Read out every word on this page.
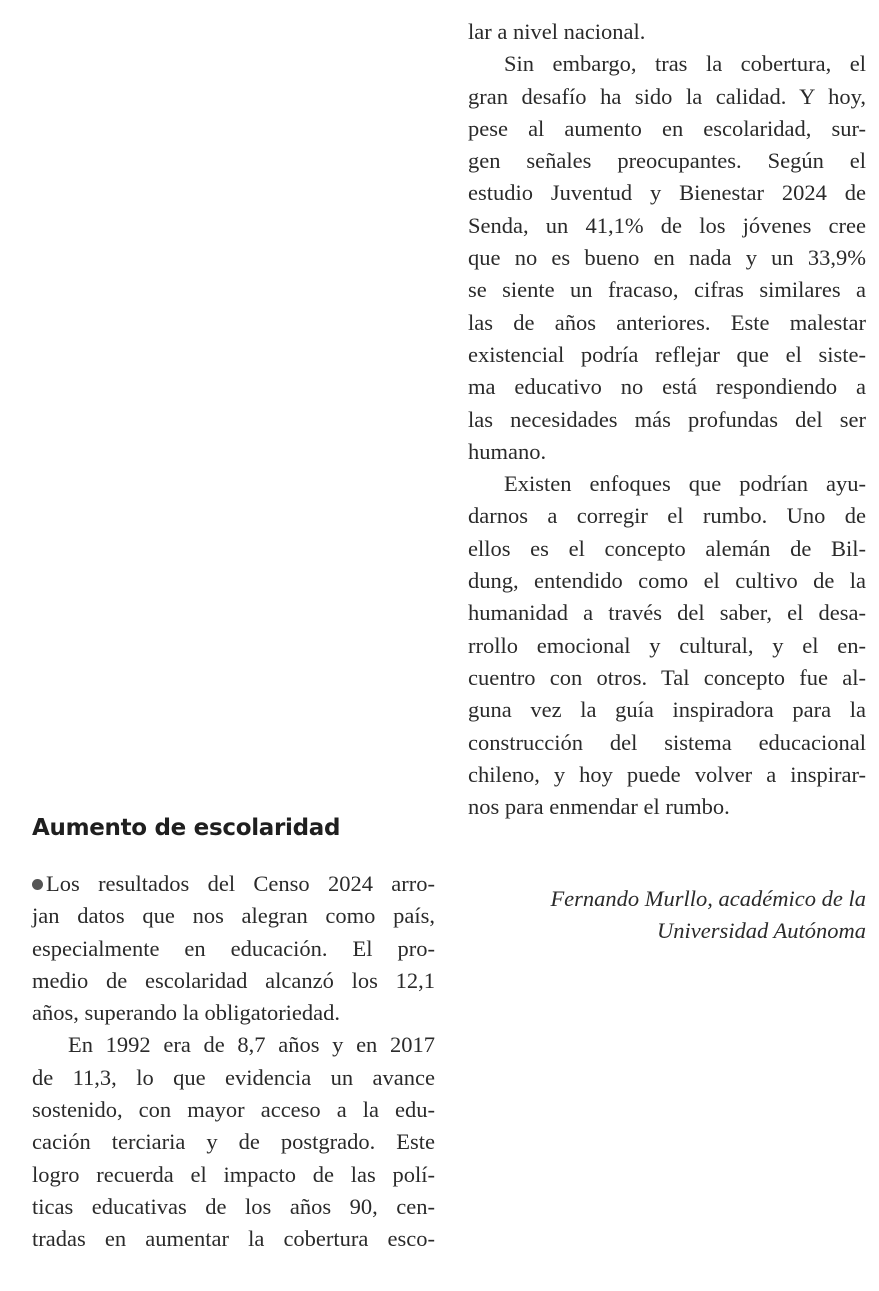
Aumento de escolaridad
Los resultados del Censo 2024 arro-
jan datos que nos alegran como país,
especialmente en educación. El pro-
medio de escolaridad alcanzó los 12,1
años, superando la obligatoriedad.
En 1992 era de 8,7 años y en 2017
de 11,3, lo que evidencia un avance
sostenido, con mayor acceso a la edu-
cación terciaria y de postgrado. Este
logro recuerda el impacto de las polí-
ticas educativas de los años 90, cen-
tradas en aumentar la cobertura esco-
lar a nivel nacional.
Sin embargo, tras la cobertura, el
gran desafío ha sido la calidad. Y hoy,
pese al aumento en escolaridad, sur-
gen señales preocupantes. Según el
estudio Juventud y Bienestar 2024 de
Senda, un 41,1% de los jóvenes cree
que no es bueno en nada y un 33,9%
se siente un fracaso, cifras similares a
las de años anteriores. Este malestar
existencial podría reflejar que el siste-
ma educativo no está respondiendo a
las necesidades más profundas del ser
humano.
Existen enfoques que podrían ayu-
darnos a corregir el rumbo. Uno de
ellos es el concepto alemán de Bil-
dung, entendido como el cultivo de la
humanidad a través del saber, el desa-
rrollo emocional y cultural, y el en-
cuentro con otros. Tal concepto fue al-
guna vez la guía inspiradora para la
construcción del sistema educacional
chileno, y hoy puede volver a inspirar-
nos para enmendar el rumbo.
Fernando Murllo, académico de la
Universidad Autónoma
